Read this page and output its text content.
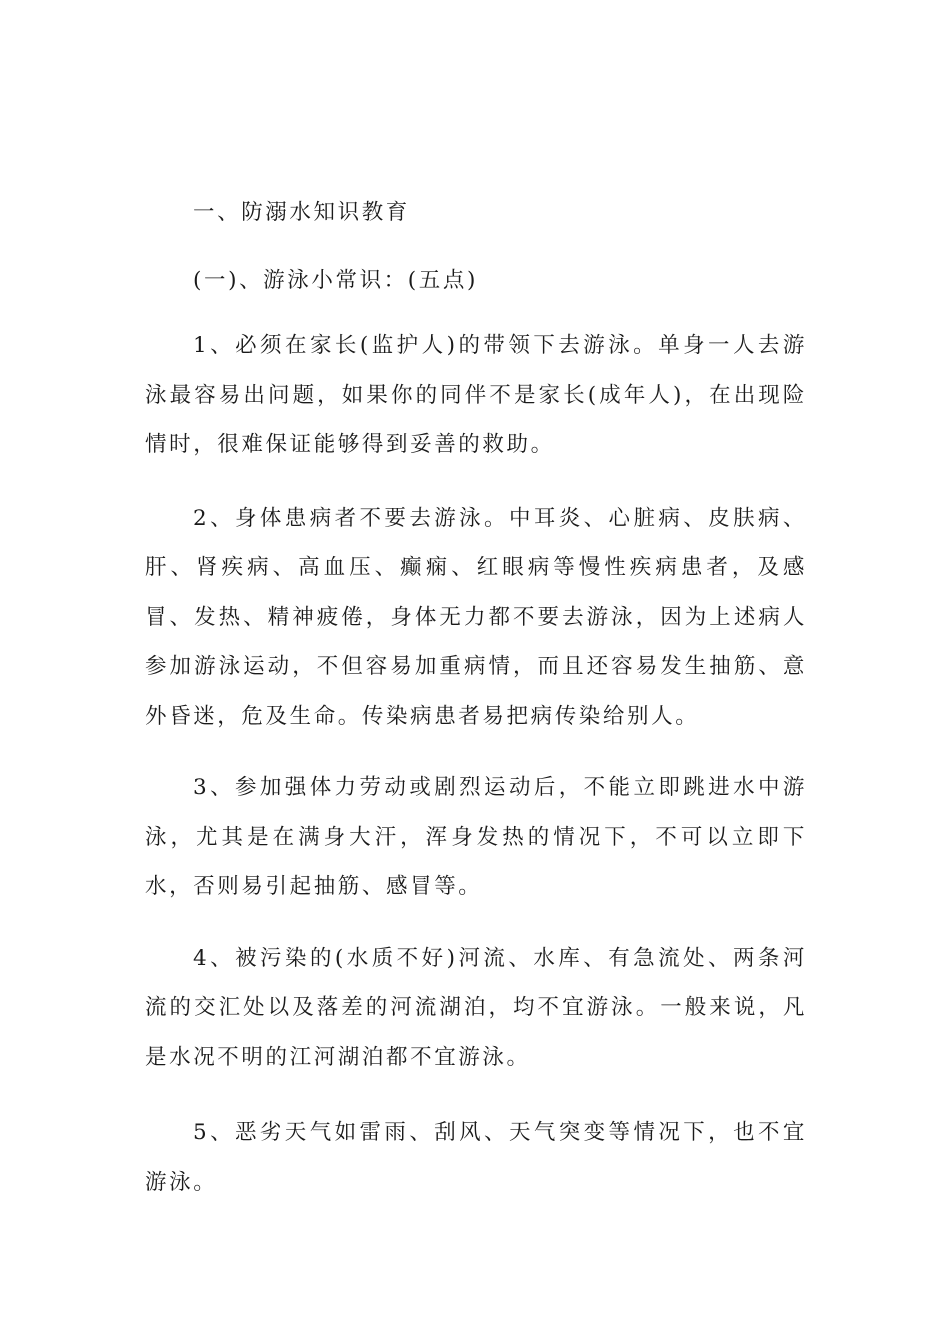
一、防溺水知识教育

(一)、游泳小常识：(五点)

1、必须在家长(监护人)的带领下去游泳。单身一人去游泳最容易出问题，如果你的同伴不是家长(成年人)，在出现险情时，很难保证能够得到妥善的救助。

2、身体患病者不要去游泳。中耳炎、心脏病、皮肤病、肝、肾疾病、高血压、癫痫、红眼病等慢性疾病患者，及感冒、发热、精神疲倦，身体无力都不要去游泳，因为上述病人参加游泳运动，不但容易加重病情，而且还容易发生抽筋、意外昏迷，危及生命。传染病患者易把病传染给别人。

3、参加强体力劳动或剧烈运动后，不能立即跳进水中游泳，尤其是在满身大汗，浑身发热的情况下，不可以立即下水，否则易引起抽筋、感冒等。

4、被污染的(水质不好)河流、水库、有急流处、两条河流的交汇处以及落差的河流湖泊，均不宜游泳。一般来说，凡是水况不明的江河湖泊都不宜游泳。

5、恶劣天气如雷雨、刮风、天气突变等情况下，也不宜游泳。
